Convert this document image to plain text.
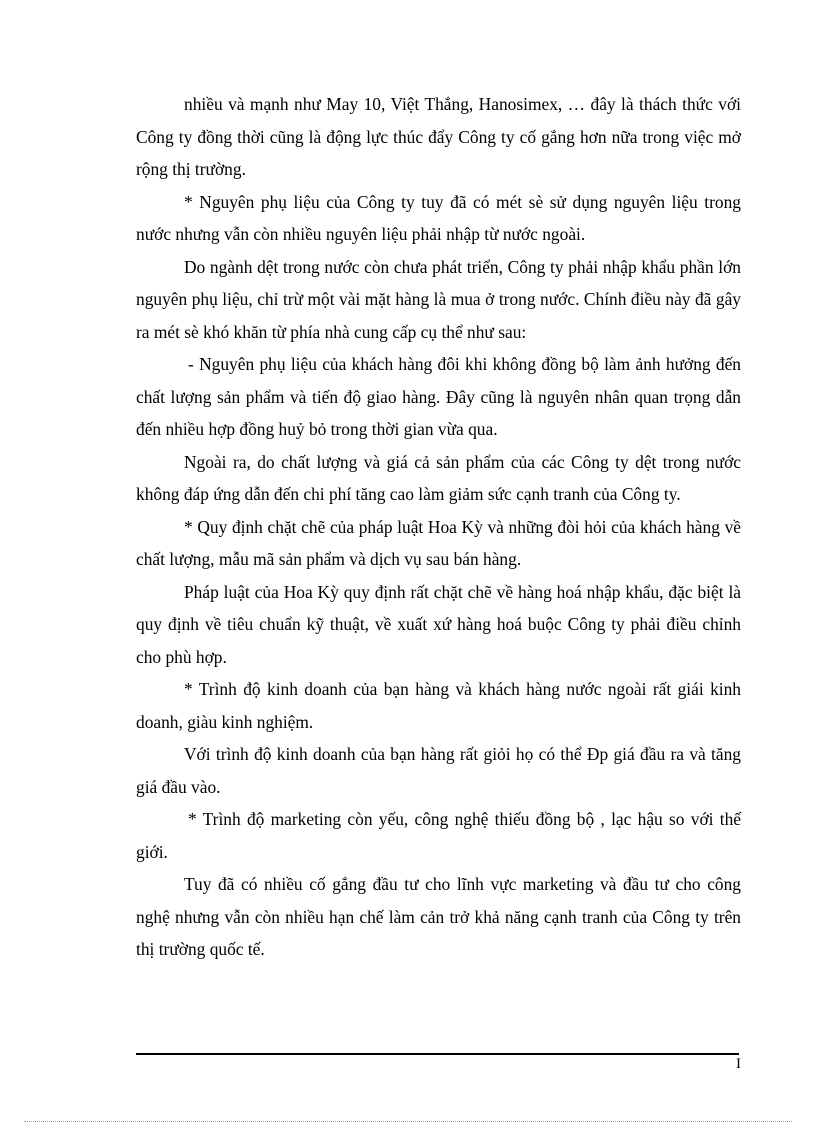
nhiều và mạnh như May 10, Việt Thắng, Hanosimex, … đây là thách thức với Công ty đồng thời cũng là động lực thúc đẩy Công ty cố gắng hơn nữa trong việc mở rộng thị trường.

* Nguyên phụ liệu của Công ty tuy đã có mét sè sử dụng nguyên liệu trong nước nhưng vẫn còn nhiều nguyên liệu phải nhập từ nước ngoài.

Do ngành dệt trong nước còn chưa phát triển, Công ty phải nhập khẩu phần lớn nguyên phụ liệu, chỉ trừ một vài mặt hàng là mua ở trong nước. Chính điều này đã gây ra mét sè khó khăn từ phía nhà cung cấp cụ thể như sau:

- Nguyên phụ liệu của khách hàng đôi khi không đồng bộ làm ảnh hưởng đến chất lượng sản phẩm và tiến độ giao hàng. Đây cũng là nguyên nhân quan trọng dẫn đến nhiều hợp đồng huỷ bỏ trong thời gian vừa qua.

Ngoài ra, do chất lượng và giá cả sản phẩm của các Công ty dệt trong nước không đáp ứng dẫn đến chi phí tăng cao làm giảm sức cạnh tranh của Công ty.

* Quy định chặt chẽ của pháp luật Hoa Kỳ và những đòi hỏi của khách hàng về chất lượng, mẫu mã sản phẩm và dịch vụ sau bán hàng.

Pháp luật của Hoa Kỳ quy định rất chặt chẽ về hàng hoá nhập khẩu, đặc biệt là quy định về tiêu chuẩn kỹ thuật, về xuất xứ hàng hoá buộc Công ty phải điều chỉnh cho phù hợp.

* Trình độ kinh doanh của bạn hàng và khách hàng nước ngoài rất giái kinh doanh, giàu kinh nghiệm.

Với trình độ kinh doanh của bạn hàng rất giỏi họ có thể Đp giá đầu ra và tăng giá đầu vào.

* Trình độ marketing còn yếu, công nghệ thiếu đồng bộ , lạc hậu so với thế giới.

Tuy đã có nhiều cố gắng đầu tư cho lĩnh vực marketing và đầu tư cho công nghệ nhưng vẫn còn nhiều hạn chế làm cản trở khả năng cạnh tranh của Công ty trên thị trường quốc tế.

I
